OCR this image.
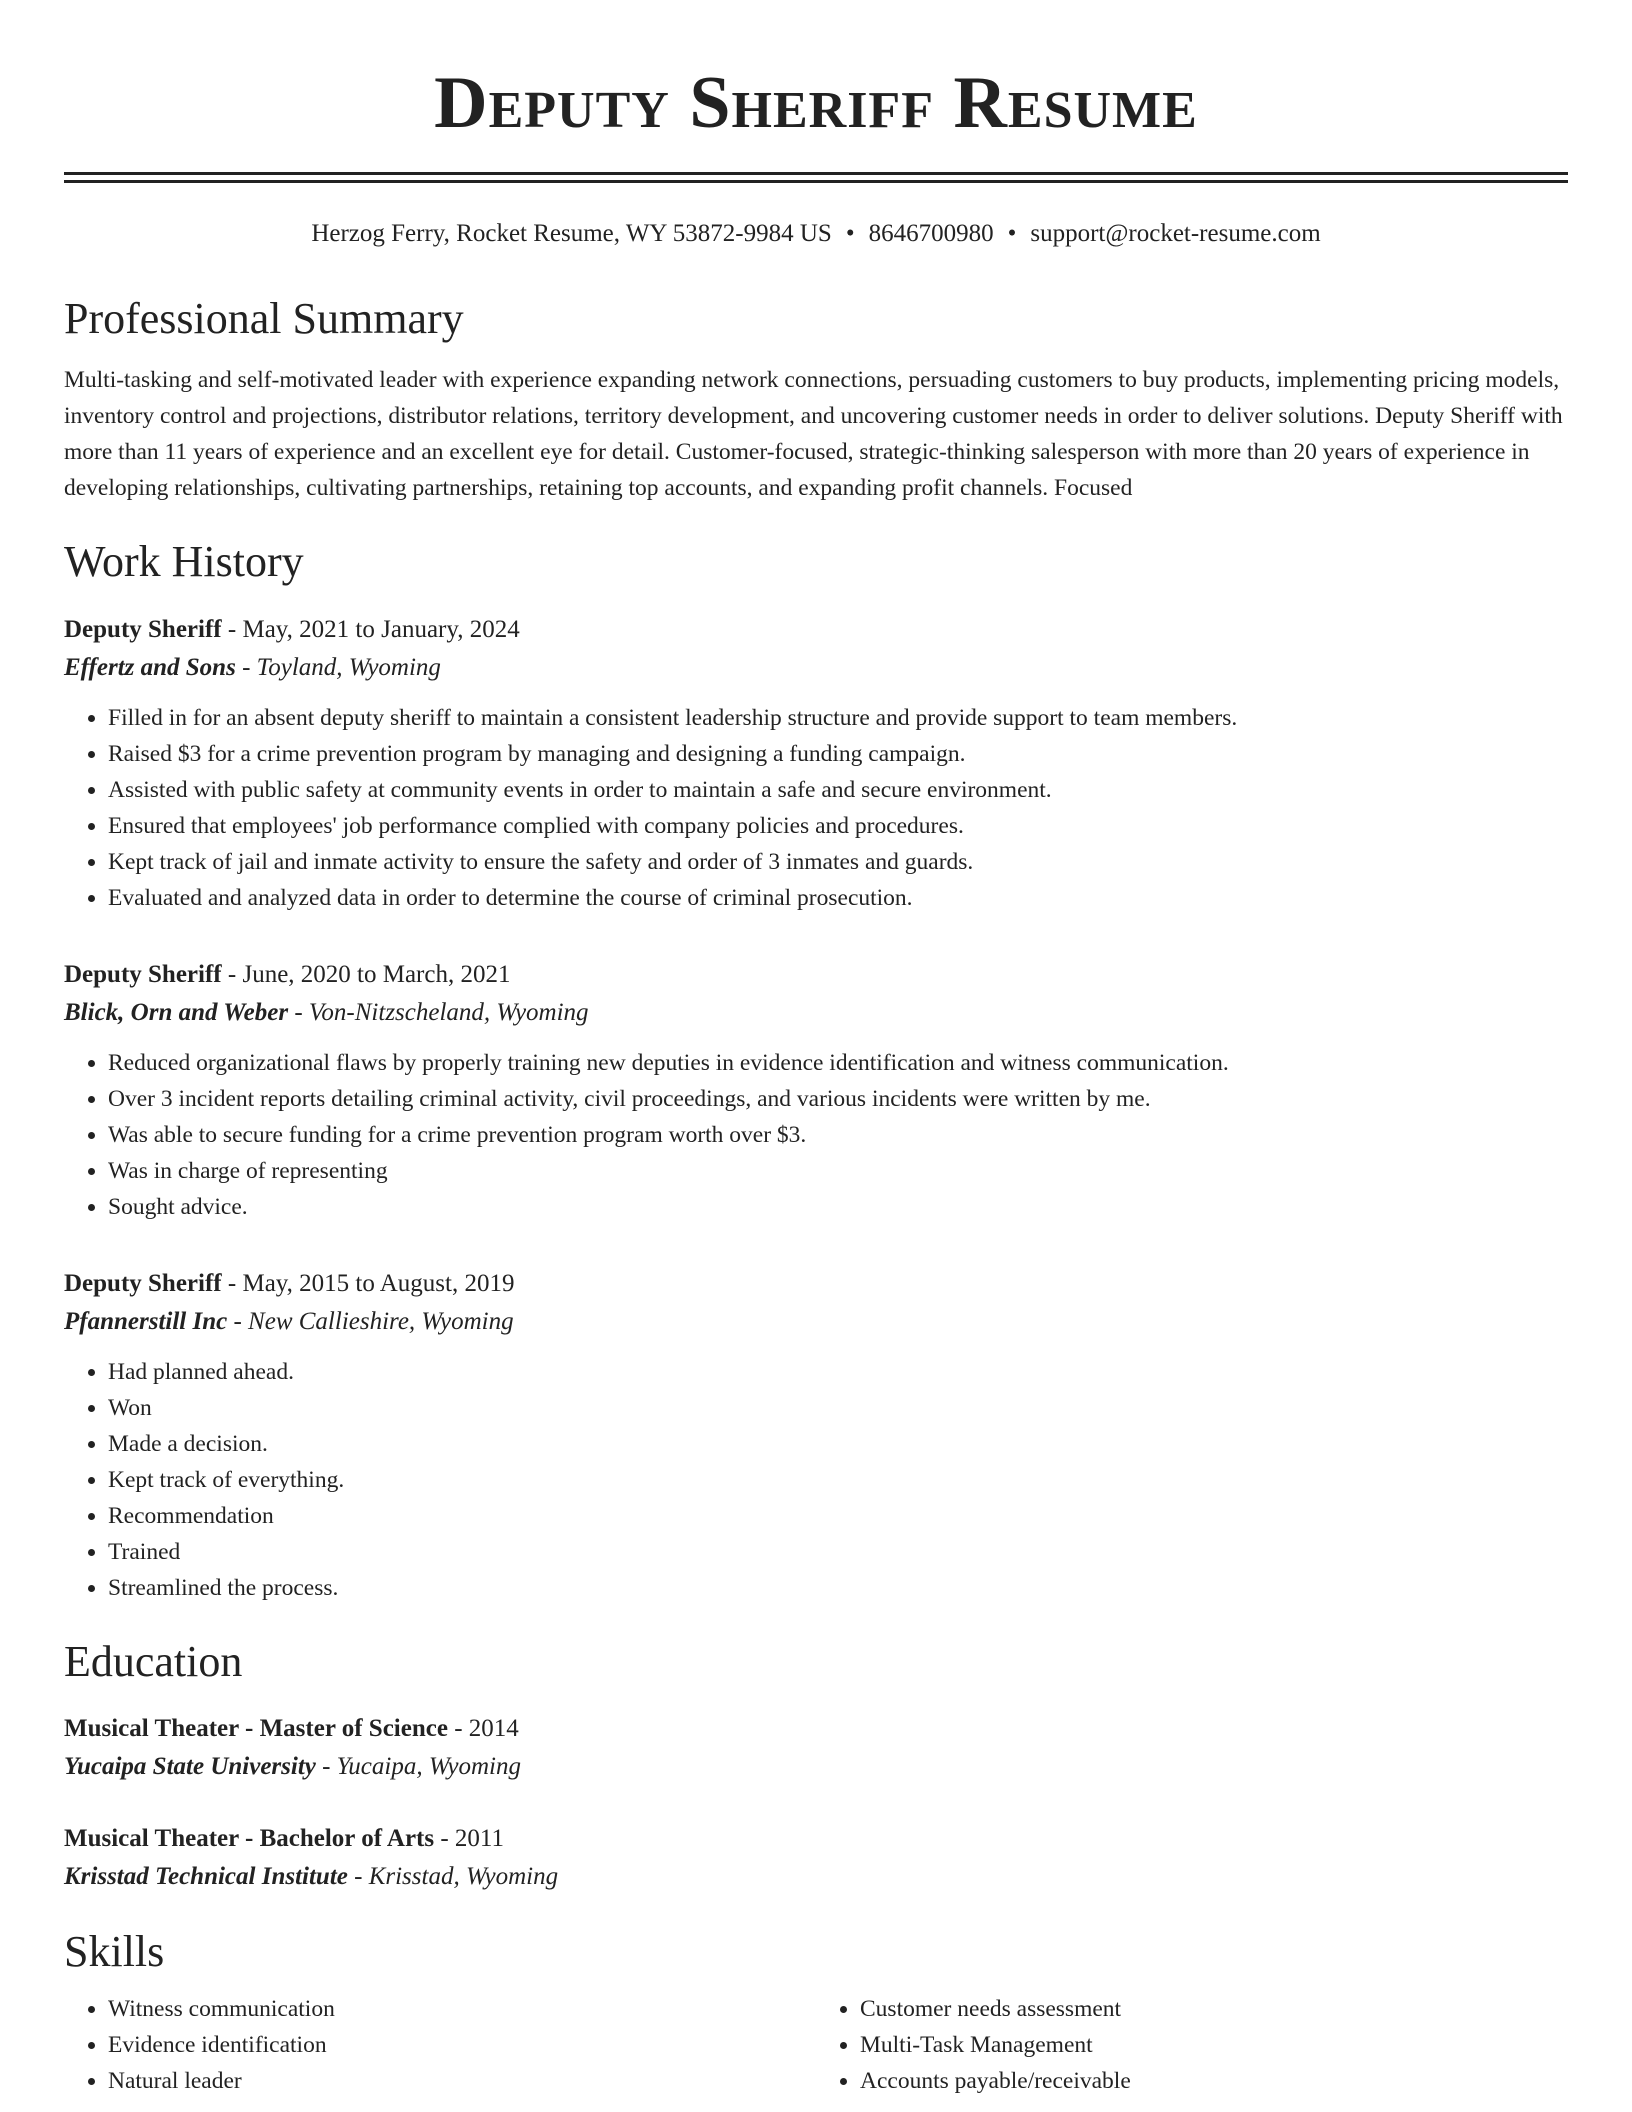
Deputy Sheriff Resume
Herzog Ferry, Rocket Resume, WY 53872-9984 US • 8646700980 • support@rocket-resume.com
Professional Summary

Multi-tasking and self-motivated leader with experience expanding network connections, persuading customers to buy products, implementing pricing models, inventory control and projections, distributor relations, territory development, and uncovering customer needs in order to deliver solutions. Deputy Sheriff with more than 11 years of experience and an excellent eye for detail. Customer-focused, strategic-thinking salesperson with more than 20 years of experience in developing relationships, cultivating partnerships, retaining top accounts, and expanding profit channels. Focused

Work History
Deputy Sheriff - May, 2021 to January, 2024
Effertz and Sons - Toyland, Wyoming
• Filled in for an absent deputy sheriff to maintain a consistent leadership structure and provide support to team members.
• Raised $3 for a crime prevention program by managing and designing a funding campaign.
• Assisted with public safety at community events in order to maintain a safe and secure environment.
• Ensured that employees' job performance complied with company policies and procedures.
• Kept track of jail and inmate activity to ensure the safety and order of 3 inmates and guards.
• Evaluated and analyzed data in order to determine the course of criminal prosecution.
Deputy Sheriff - June, 2020 to March, 2021
Blick, Orn and Weber - Von-Nitzscheland, Wyoming
• Reduced organizational flaws by properly training new deputies in evidence identification and witness communication.
• Over 3 incident reports detailing criminal activity, civil proceedings, and various incidents were written by me.
• Was able to secure funding for a crime prevention program worth over $3.
• Was in charge of representing
• Sought advice.
Deputy Sheriff - May, 2015 to August, 2019
Pfannerstill Inc - New Callieshire, Wyoming
• Had planned ahead.
• Won
• Made a decision.
• Kept track of everything.
• Recommendation
• Trained
• Streamlined the process.
Education
Musical Theater - Master of Science - 2014
Yucaipa State University - Yucaipa, Wyoming
Musical Theater - Bachelor of Arts - 2011
Krisstad Technical Institute - Krisstad, Wyoming
Skills
• Witness communication
• Evidence identification
• Natural leader
• Customer needs assessment
• Multi-Task Management
• Accounts payable/receivable
